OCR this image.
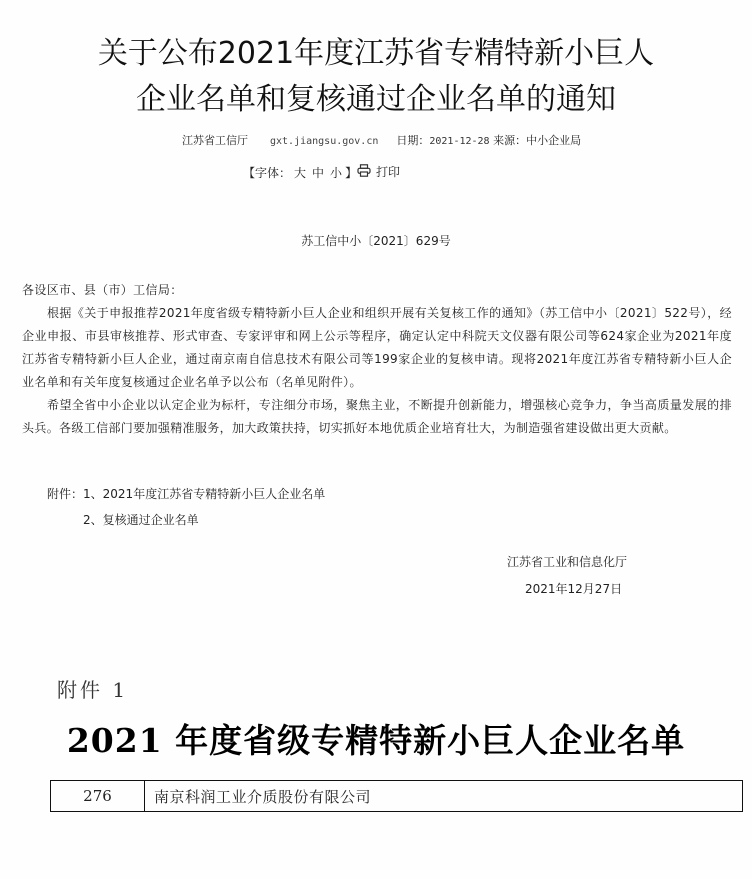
关于公布2021年度江苏省专精特新小巨人
企业名单和复核通过企业名单的通知
江苏省工信厅 gxt.jiangsu.gov.cn 日期：2021-12-28 来源：中小企业局
【字体： 大 中 小 】 打印
苏工信中小〔2021〕629号

各设区市、县（市）工信局：

根据《关于申报推荐2021年度省级专精特新小巨人企业和组织开展有关复核工作的通知》（苏工信中小〔2021〕522号），经企业申报、市县审核推荐、形式审查、专家评审和网上公示等程序，确定认定中科院天文仪器有限公司等624家企业为2021年度江苏省专精特新小巨人企业，通过南京南自信息技术有限公司等199家企业的复核申请。现将2021年度江苏省专精特新小巨人企业名单和有关年度复核通过企业名单予以公布（名单见附件）。

希望全省中小企业以认定企业为标杆，专注细分市场，聚焦主业，不断提升创新能力，增强核心竞争力，争当高质量发展的排头兵。各级工信部门要加强精准服务，加大政策扶持，切实抓好本地优质企业培育壮大，为制造强省建设做出更大贡献。

附件：1、2021年度江苏省专精特新小巨人企业名单
2、复核通过企业名单
江苏省工业和信息化厅
2021年12月27日
附件 1
2021 年度省级专精特新小巨人企业名单
276	南京科润工业介质股份有限公司
